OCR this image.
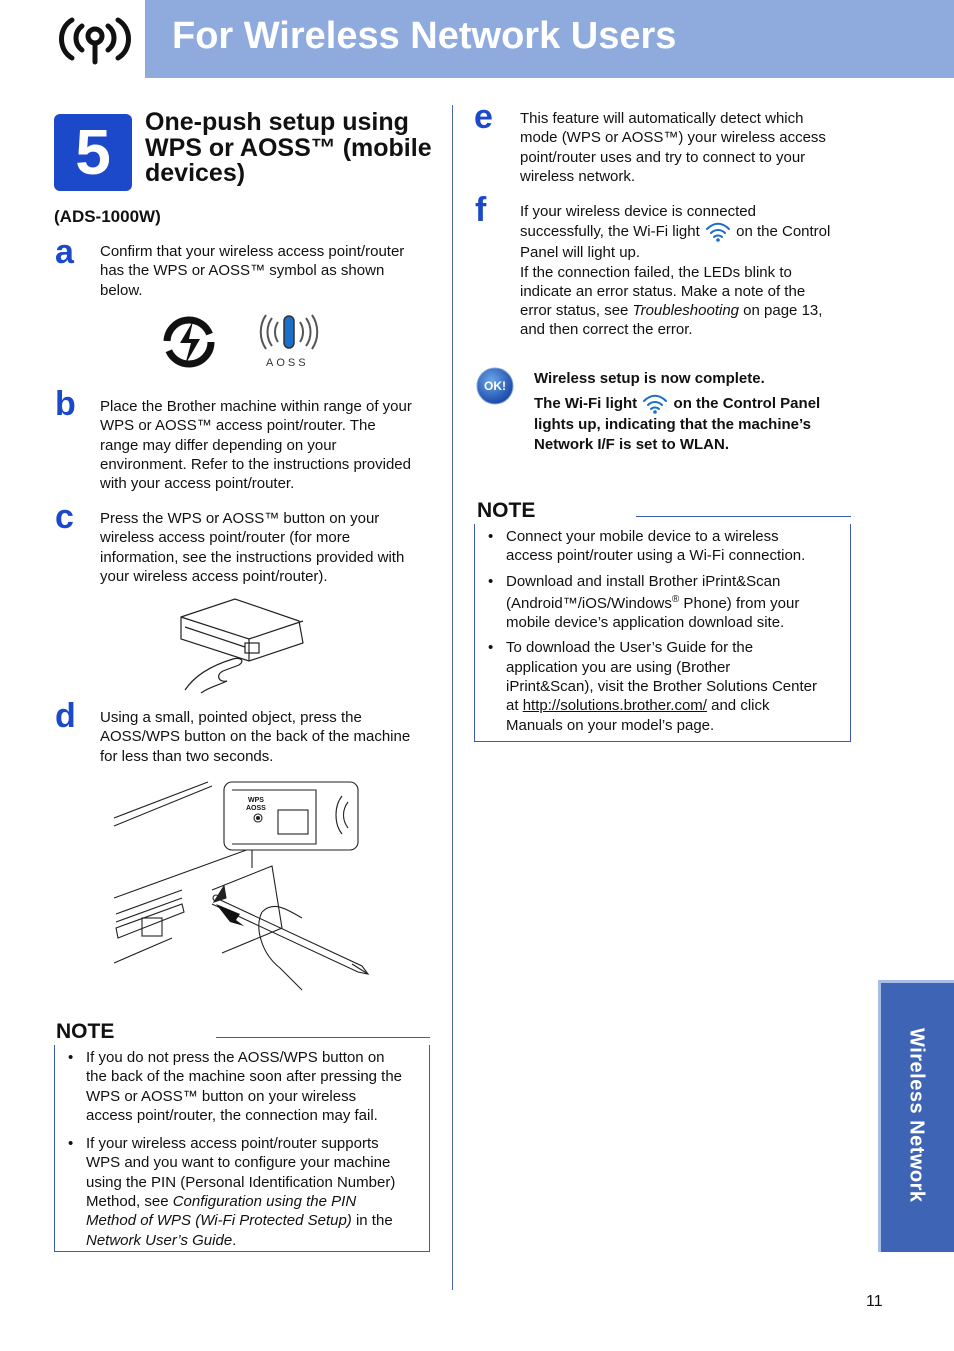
For Wireless Network Users
5	One-push setup using
WPS or AOSS™ (mobile
devices)
(ADS-1000W)
a Confirm that your wireless access point/router
has the WPS or AOSS™ symbol as shown
below.
AOSS
b Place the Brother machine within range of your
WPS or AOSS™ access point/router. The
range may differ depending on your
environment. Refer to the instructions provided
with your access point/router.
c Press the WPS or AOSS™ button on your
wireless access point/router (for more
information, see the instructions provided with
your wireless access point/router).
d Using a small, pointed object, press the
AOSS/WPS button on the back of the machine
for less than two seconds.
WPS
AOSS
NOTE
• If you do not press the AOSS/WPS button on
the back of the machine soon after pressing the
WPS or AOSS™ button on your wireless
access point/router, the connection may fail.
• If your wireless access point/router supports
WPS and you want to configure your machine
using the PIN (Personal Identification Number)
Method, see Configuration using the PIN
Method of WPS (Wi-Fi Protected Setup) in the
Network User’s Guide.
e This feature will automatically detect which
mode (WPS or AOSS™) your wireless access
point/router uses and try to connect to your
wireless network.
f If your wireless device is connected
successfully, the Wi-Fi light on the Control
Panel will light up.
If the connection failed, the LEDs blink to
indicate an error status. Make a note of the
error status, see Troubleshooting on page 13,
and then correct the error.
OK! Wireless setup is now complete.
The Wi-Fi light on the Control Panel
lights up, indicating that the machine’s
Network I/F is set to WLAN.
NOTE
• Connect your mobile device to a wireless
access point/router using a Wi-Fi connection.
• Download and install Brother iPrint&Scan
(Android™/iOS/Windows® Phone) from your
mobile device’s application download site.
• To download the User’s Guide for the
application you are using (Brother
iPrint&Scan), visit the Brother Solutions Center
at http://solutions.brother.com/ and click
Manuals on your model’s page.
Wireless Network
11
